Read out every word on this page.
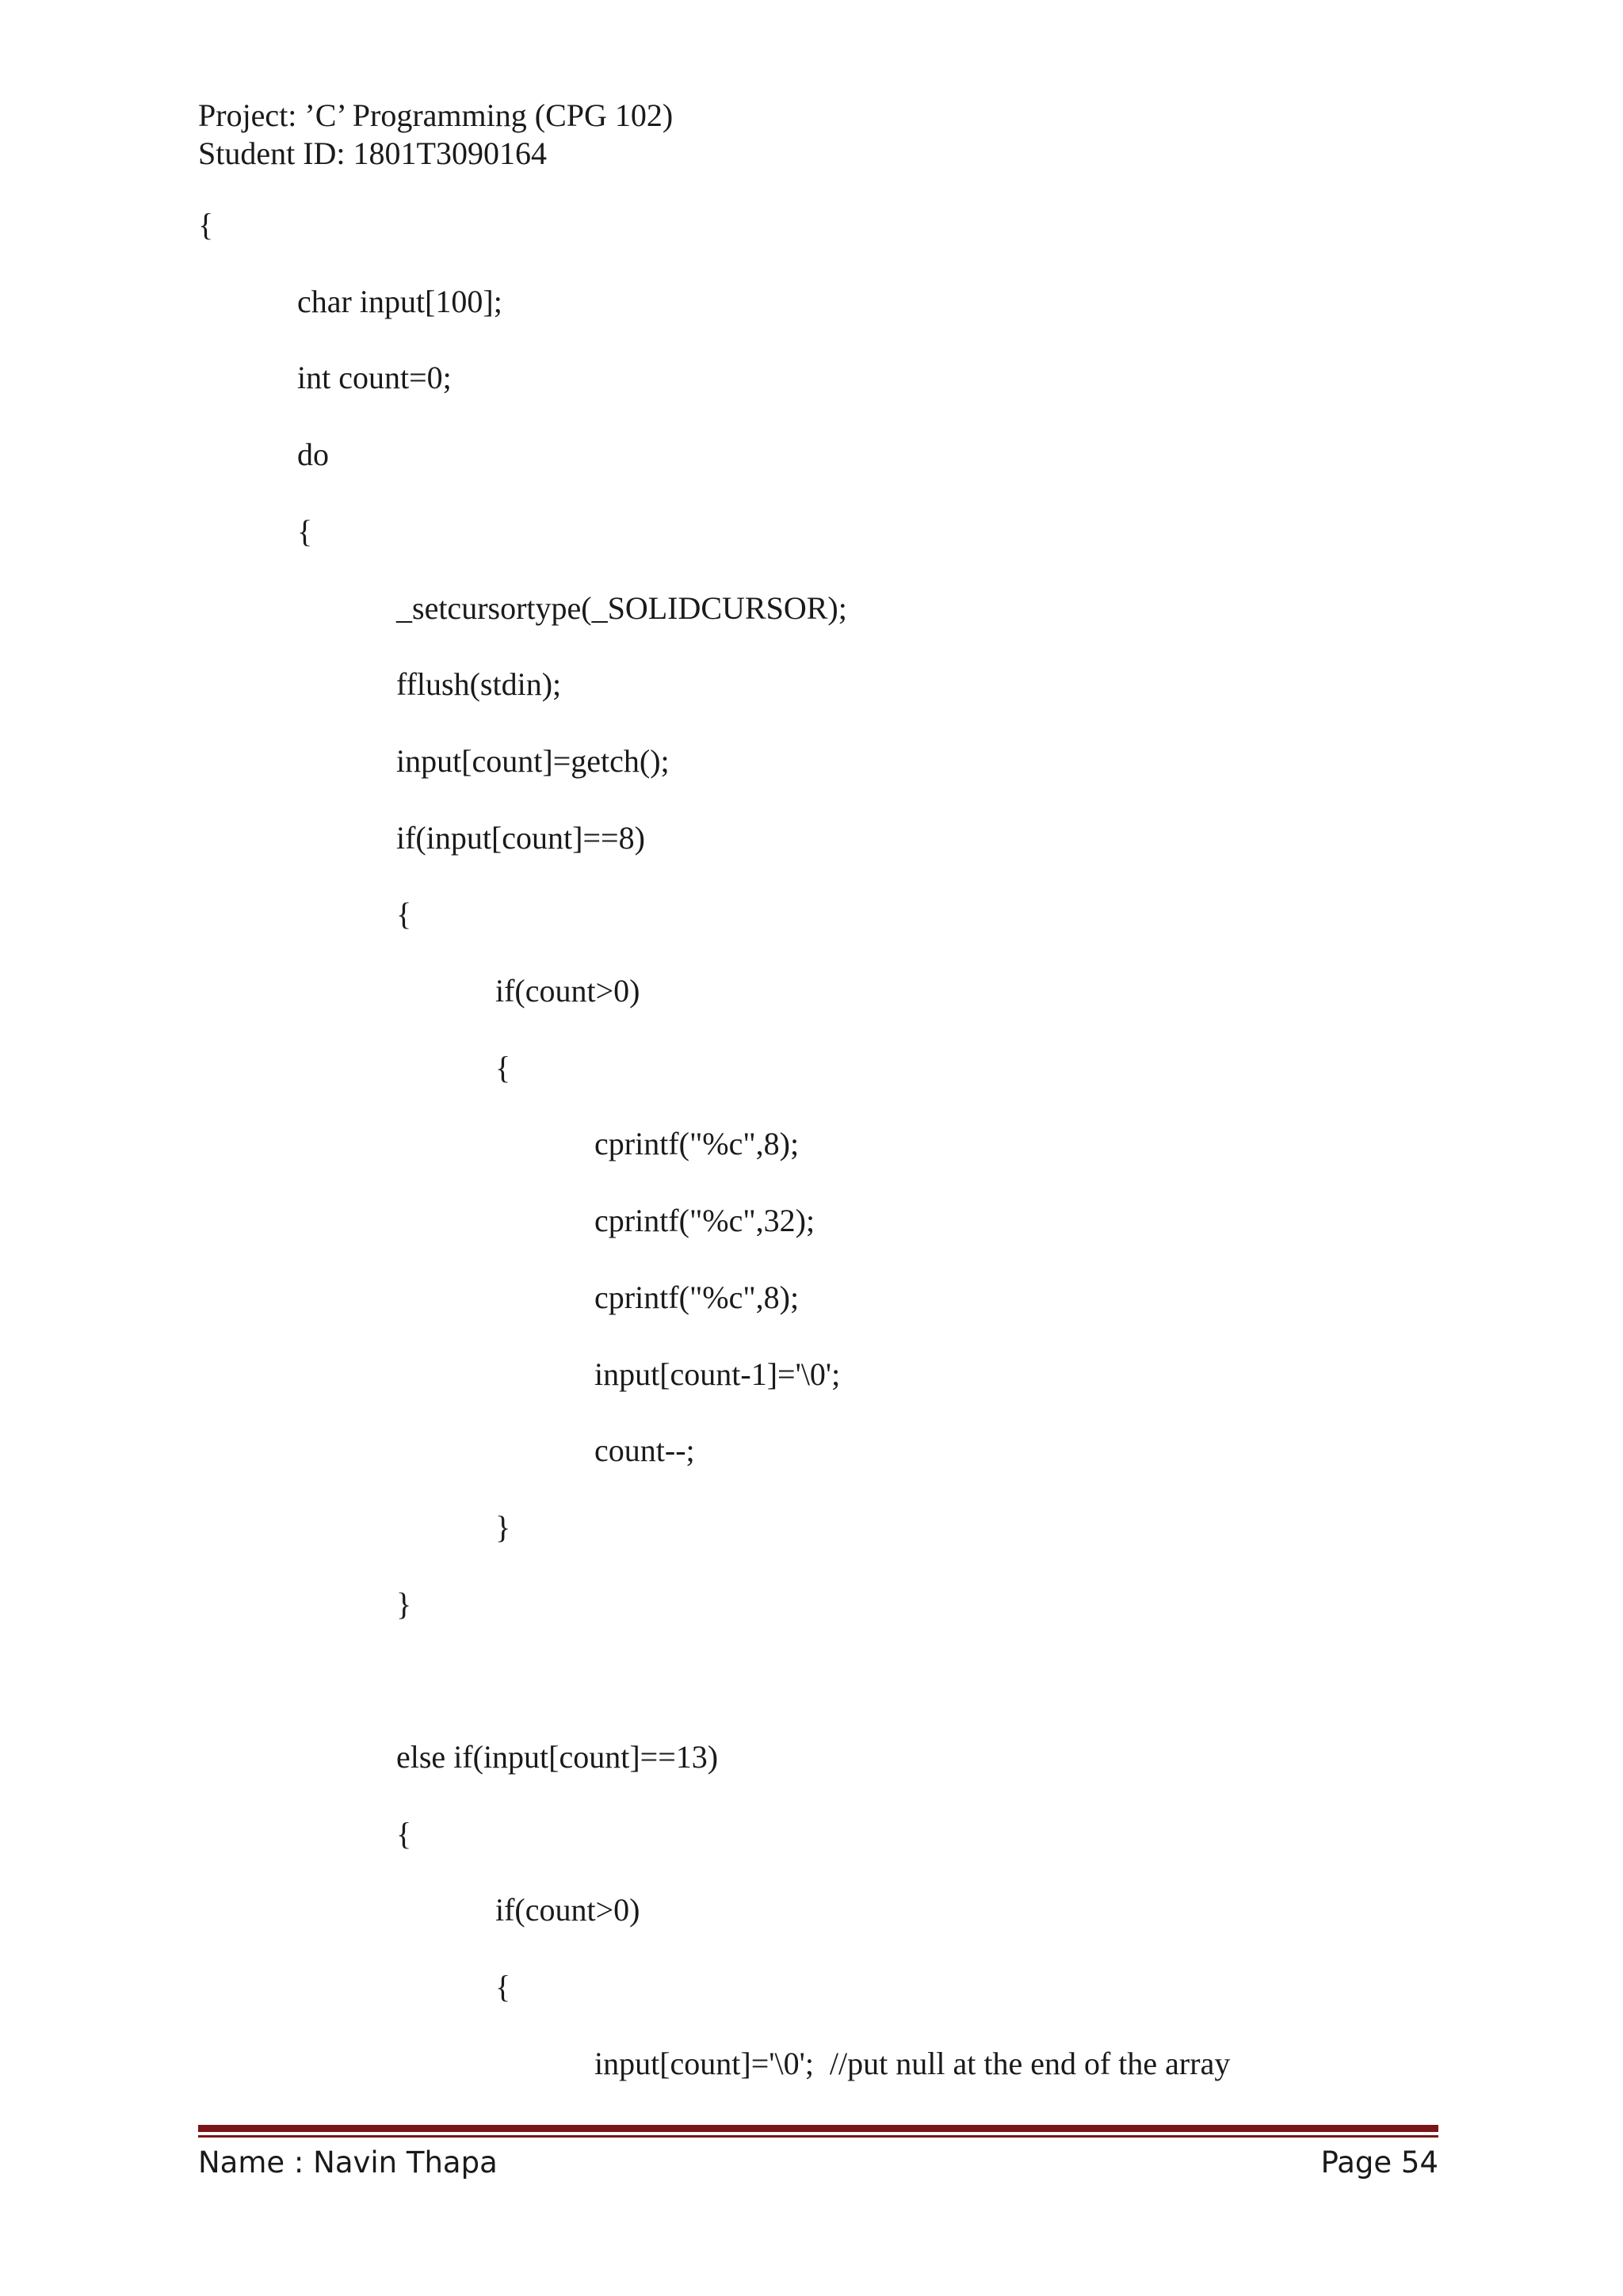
Project: ’C’ Programming (CPG 102)
Student ID: 1801T3090164
{
char input[100];
int count=0;
do
{
_setcursortype(_SOLIDCURSOR);
fflush(stdin);
input[count]=getch();
if(input[count]==8)
{
if(count>0)
{
cprintf("%c",8);
cprintf("%c",32);
cprintf("%c",8);
input[count-1]='\0';
count--;
}
}
else if(input[count]==13)
{
if(count>0)
{
input[count]='\0';  //put null at the end of the array
Name : Navin Thapa	Page 54
